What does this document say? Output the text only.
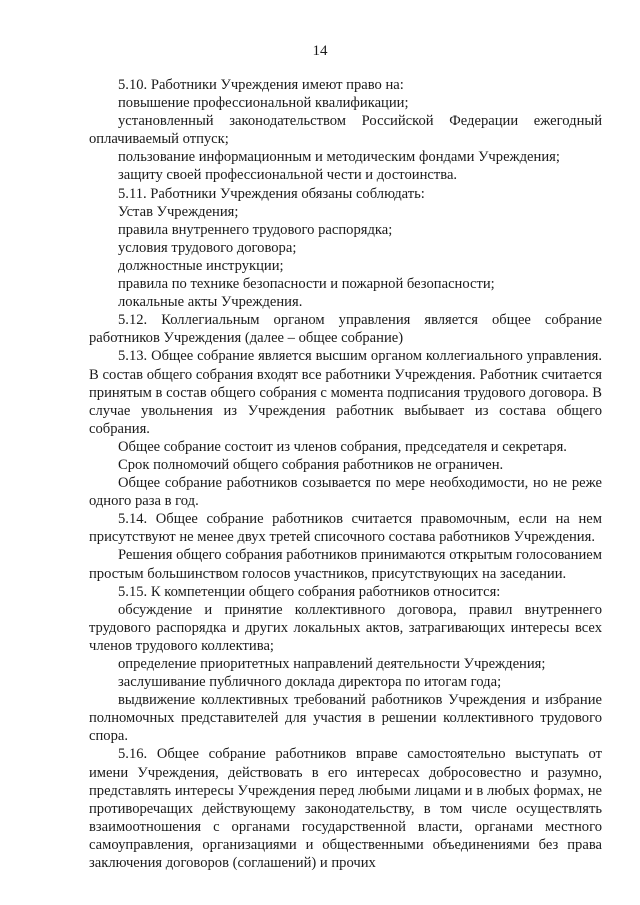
14

5.10. Работники Учреждения имеют право на:

повышение профессиональной квалификации;

установленный законодательством Российской Федерации ежегодный оплачиваемый отпуск;

пользование информационным и методическим фондами Учреждения;

защиту своей профессиональной чести и достоинства.

5.11. Работники Учреждения обязаны соблюдать:

Устав Учреждения;

правила внутреннего трудового распорядка;

условия трудового договора;

должностные инструкции;

правила по технике безопасности и пожарной безопасности;

локальные акты Учреждения.

5.12. Коллегиальным органом управления является общее собрание работников Учреждения (далее – общее собрание)

5.13. Общее собрание является высшим органом коллегиального управления. В состав общего собрания входят все работники Учреждения. Работник считается принятым в состав общего собрания с момента подписания трудового договора. В случае увольнения из Учреждения работник выбывает из состава общего собрания.

Общее собрание состоит из членов собрания, председателя и секретаря.

Срок полномочий общего собрания работников не ограничен.

Общее собрание работников созывается по мере необходимости, но не реже одного раза в год.

5.14. Общее собрание работников считается правомочным, если на нем присутствуют не менее двух третей списочного состава работников Учреждения.

Решения общего собрания работников принимаются открытым голосованием простым большинством голосов участников, присутствующих на заседании.

5.15. К компетенции общего собрания работников относится:

обсуждение и принятие коллективного договора, правил внутреннего трудового распорядка и других локальных актов, затрагивающих интересы всех членов трудового коллектива;

определение приоритетных направлений деятельности Учреждения;

заслушивание публичного доклада директора по итогам года;

выдвижение коллективных требований работников Учреждения и избрание полномочных представителей для участия в решении коллективного трудового спора.

5.16. Общее собрание работников вправе самостоятельно выступать от имени Учреждения, действовать в его интересах добросовестно и разумно, представлять интересы Учреждения перед любыми лицами и в любых формах, не противоречащих действующему законодательству, в том числе осуществлять взаимоотношения с органами государственной власти, органами местного самоуправления, организациями и общественными объединениями без права заключения договоров (соглашений) и прочих
